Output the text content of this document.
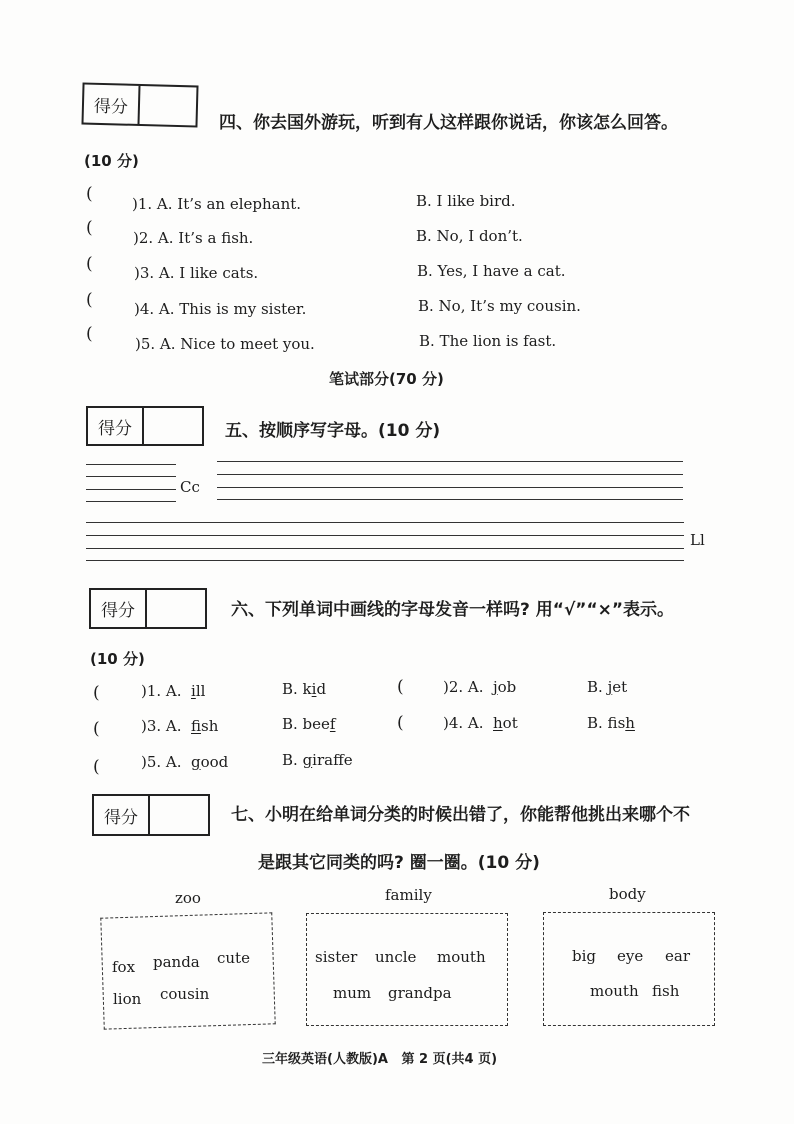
得分
四、你去国外游玩，听到有人这样跟你说话，你该怎么回答。
(10 分)
(	)1. A. It’s an elephant.	B. I like bird.
(	)2. A. It’s a fish.	B. No, I don’t.
(	)3. A. I like cats.	B. Yes, I have a cat.
(	)4. A. This is my sister.	B. No, It’s my cousin.
(	)5. A. Nice to meet you.	B. The lion is fast.
笔试部分(70 分)
得分	五、按顺序写字母。(10 分)
Cc
Ll
得分	六、下列单词中画线的字母发音一样吗? 用“√”“×”表示。
(10 分)
(	)1. A. ill	B. kid	(	)2. A. job	B. jet
(	)3. A. fish	B. beef	(	)4. A. hot	B. fish
(	)5. A. good	B. giraffe
得分	七、小明在给单词分类的时候出错了，你能帮他挑出来哪个不
是跟其它同类的吗? 圈一圈。(10 分)
zoo	family	body
fox panda cute
lion cousin
sister uncle mouth
mum grandpa
big eye ear
mouth fish
三年级英语(人教版)A   第 2 页(共4 页)
